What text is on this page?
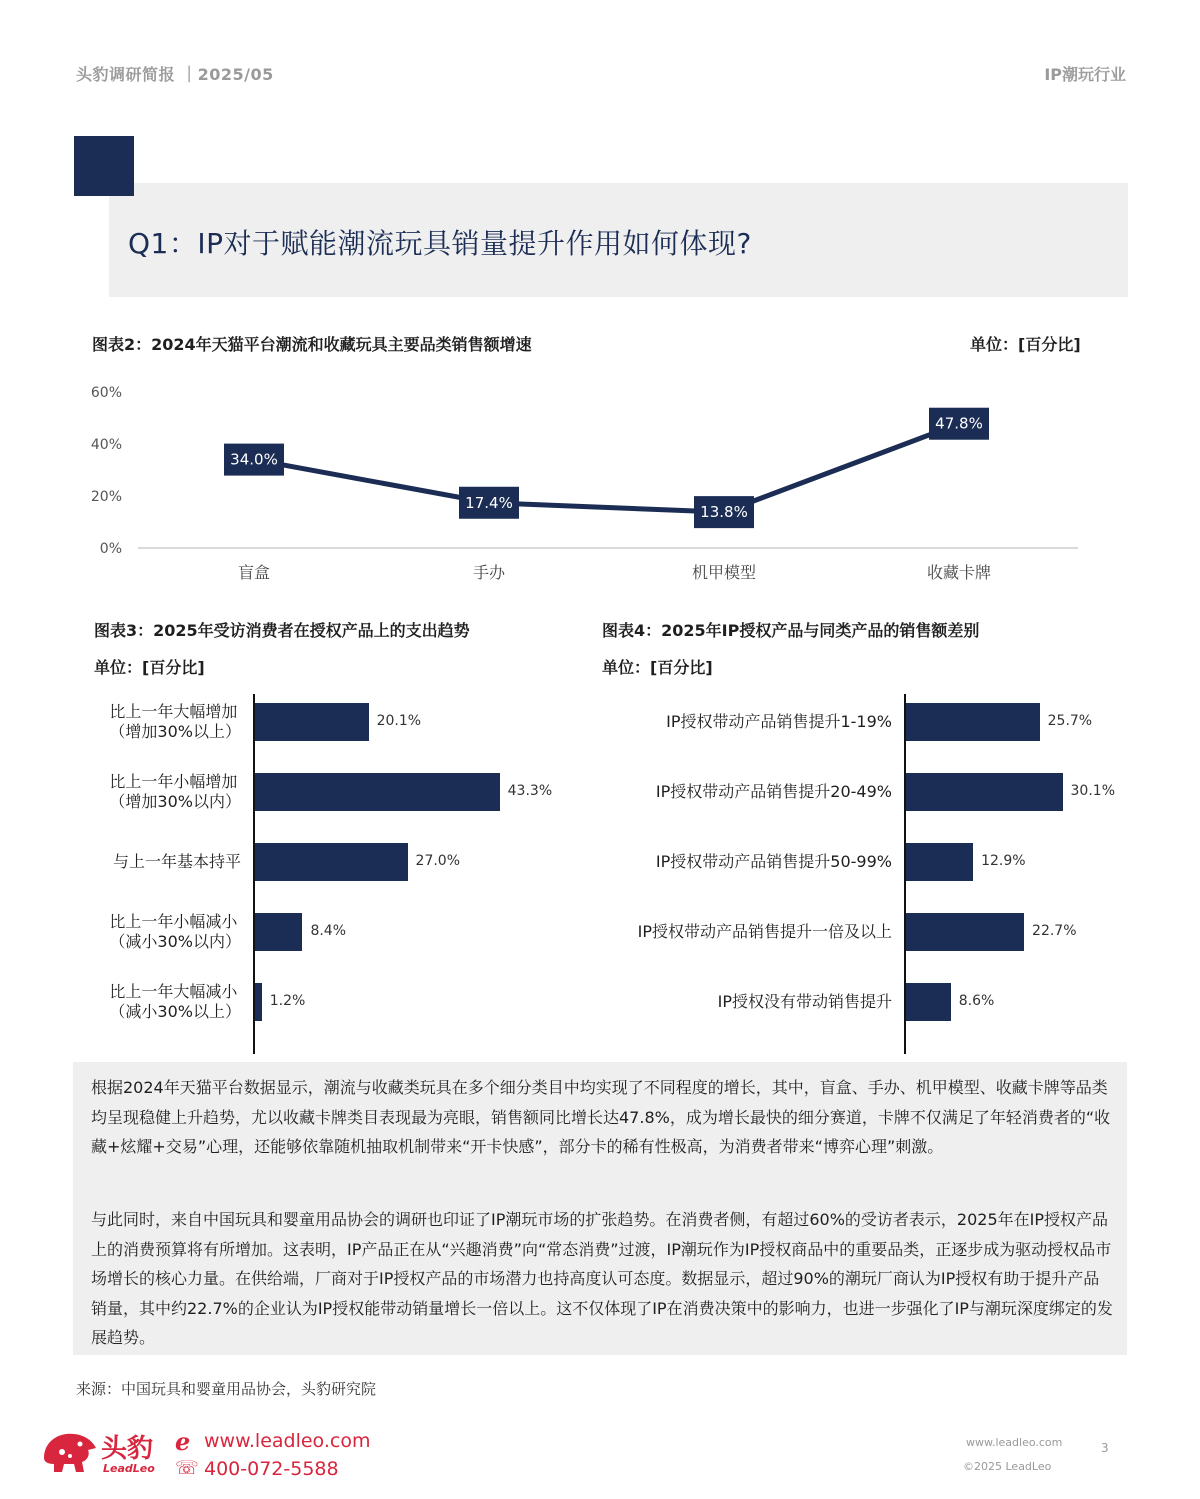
头豹调研简报 ｜2025/05	IP潮玩行业
Q1：IP对于赋能潮流玩具销量提升作用如何体现?
图表2：2024年天猫平台潮流和收藏玩具主要品类销售额增速	单位：[百分比]
0%
20%
40%
60%
盲盒	手办	机甲模型	收藏卡牌
34.0%
17.4%
13.8%
47.8%
图表3：2025年受访消费者在授权产品上的支出趋势
单位：[百分比]
20.1%
比上一年大幅增加
（增加30%以上）
43.3%
比上一年小幅增加
（增加30%以内）
27.0%
与上一年基本持平
8.4%
比上一年小幅减小
（减小30%以内）
1.2%
比上一年大幅减小
（减小30%以上）
图表4：2025年IP授权产品与同类产品的销售额差别
单位：[百分比]
25.7%
IP授权带动产品销售提升1-19%
30.1%
IP授权带动产品销售提升20-49%
12.9%
IP授权带动产品销售提升50-99%
22.7%
IP授权带动产品销售提升一倍及以上
8.6%
IP授权没有带动销售提升
根据2024年天猫平台数据显示，潮流与收藏类玩具在多个细分类目中均实现了不同程度的增长，其中，盲盒、手办、机甲模型、收藏卡牌等品类均呈现稳健上升趋势，尤以收藏卡牌类目表现最为亮眼，销售额同比增长达47.8%，成为增长最快的细分赛道，卡牌不仅满足了年轻消费者的“收藏+炫耀+交易”心理，还能够依靠随机抽取机制带来“开卡快感”，部分卡的稀有性极高，为消费者带来“博弈心理”刺激。
与此同时，来自中国玩具和婴童用品协会的调研也印证了IP潮玩市场的扩张趋势。在消费者侧，有超过60%的受访者表示，2025年在IP授权产品上的消费预算将有所增加。这表明，IP产品正在从“兴趣消费”向“常态消费”过渡，IP潮玩作为IP授权商品中的重要品类，正逐步成为驱动授权品市场增长的核心力量。在供给端，厂商对于IP授权产品的市场潜力也持高度认可态度。数据显示，超过90%的潮玩厂商认为IP授权有助于提升产品销量，其中约22.7%的企业认为IP授权能带动销量增长一倍以上。这不仅体现了IP在消费决策中的影响力，也进一步强化了IP与潮玩深度绑定的发展趋势。
来源：中国玩具和婴童用品协会，头豹研究院
头豹
LeadLeo
ℯ www.leadleo.com
☏ 400-072-5588
www.leadleo.com
©2025 LeadLeo
3
